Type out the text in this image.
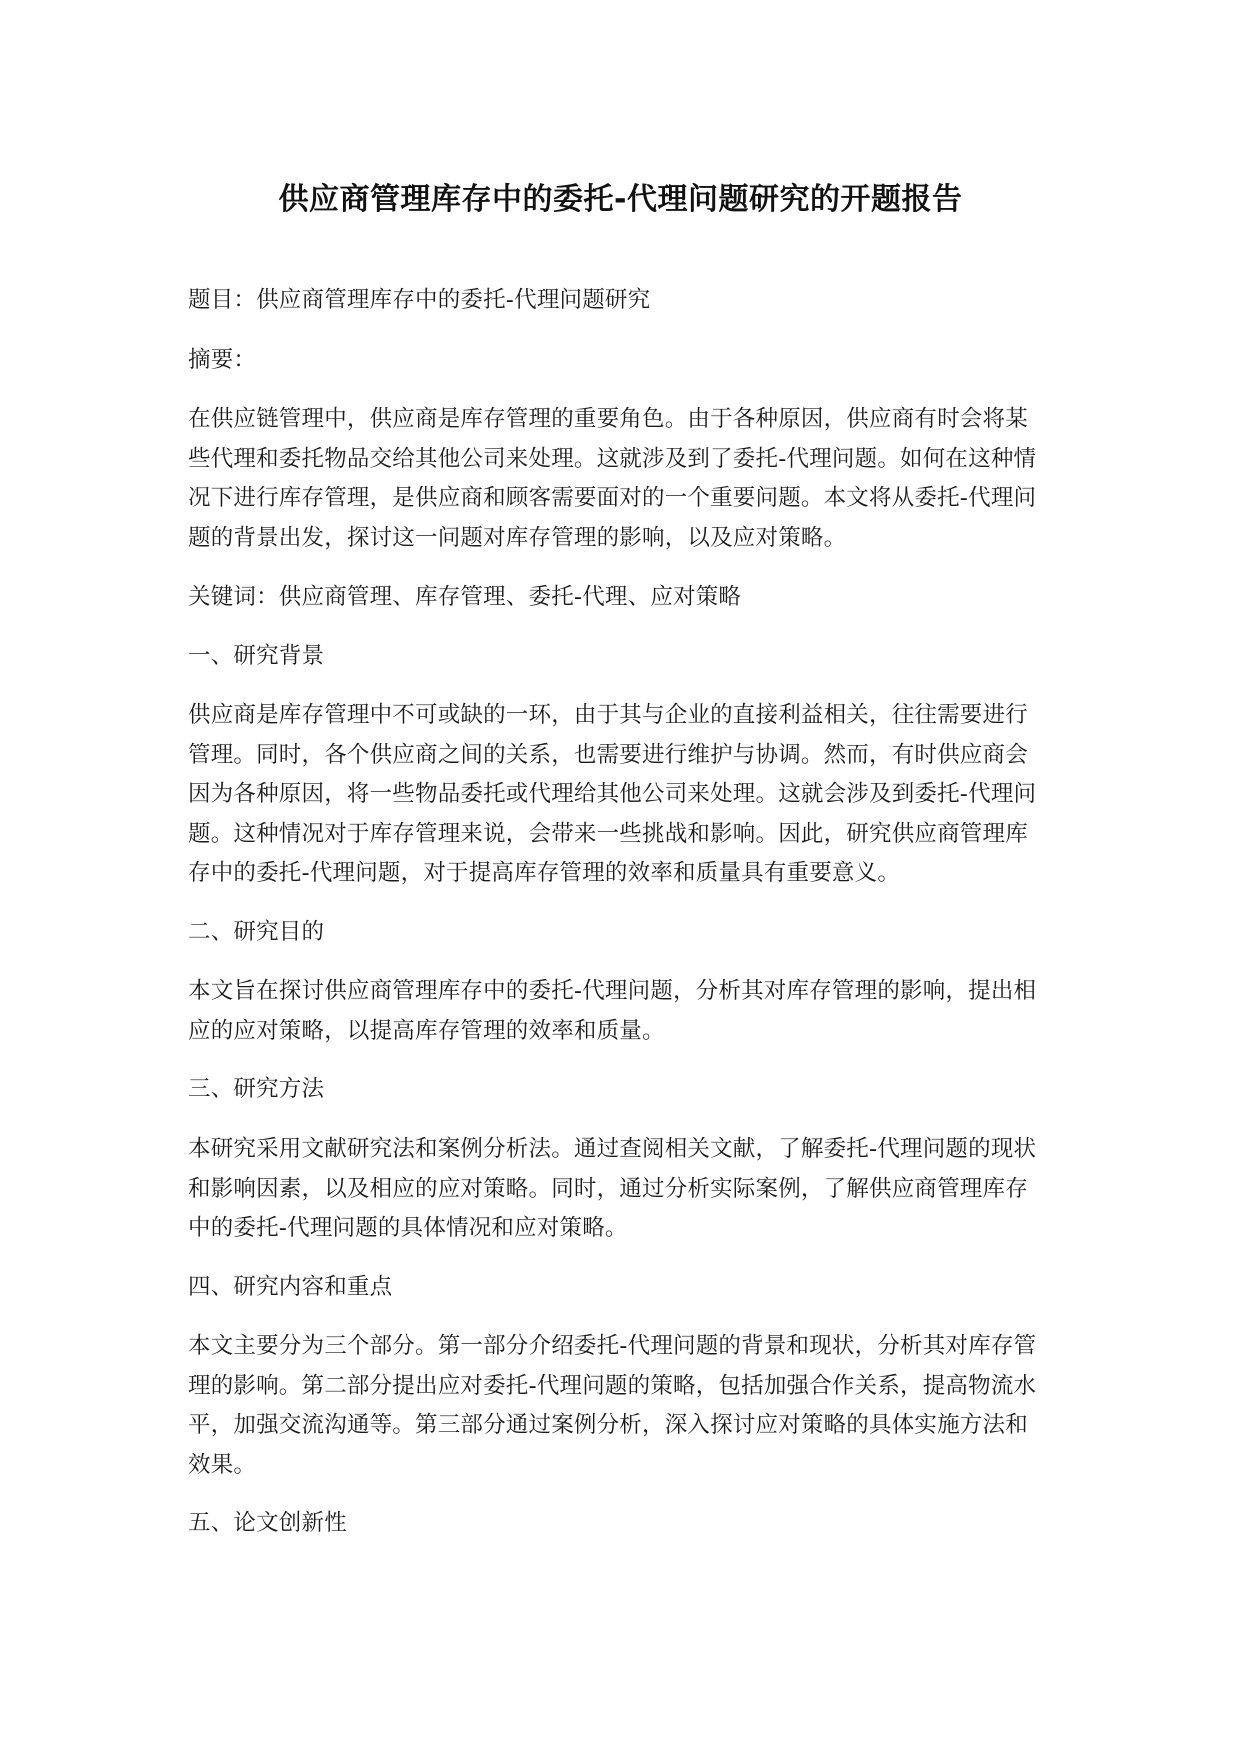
供应商管理库存中的委托-代理问题研究的开题报告

题目：供应商管理库存中的委托-代理问题研究

摘要：

在供应链管理中，供应商是库存管理的重要角色。由于各种原因，供应商有时会将某
些代理和委托物品交给其他公司来处理。这就涉及到了委托-代理问题。如何在这种情
况下进行库存管理，是供应商和顾客需要面对的一个重要问题。本文将从委托-代理问
题的背景出发，探讨这一问题对库存管理的影响，以及应对策略。

关键词：供应商管理、库存管理、委托-代理、应对策略

一、研究背景

供应商是库存管理中不可或缺的一环，由于其与企业的直接利益相关，往往需要进行
管理。同时，各个供应商之间的关系，也需要进行维护与协调。然而，有时供应商会
因为各种原因，将一些物品委托或代理给其他公司来处理。这就会涉及到委托-代理问
题。这种情况对于库存管理来说，会带来一些挑战和影响。因此，研究供应商管理库
存中的委托-代理问题，对于提高库存管理的效率和质量具有重要意义。

二、研究目的

本文旨在探讨供应商管理库存中的委托-代理问题，分析其对库存管理的影响，提出相
应的应对策略，以提高库存管理的效率和质量。

三、研究方法

本研究采用文献研究法和案例分析法。通过查阅相关文献，了解委托-代理问题的现状
和影响因素，以及相应的应对策略。同时，通过分析实际案例，了解供应商管理库存
中的委托-代理问题的具体情况和应对策略。

四、研究内容和重点

本文主要分为三个部分。第一部分介绍委托-代理问题的背景和现状，分析其对库存管
理的影响。第二部分提出应对委托-代理问题的策略，包括加强合作关系，提高物流水
平，加强交流沟通等。第三部分通过案例分析，深入探讨应对策略的具体实施方法和
效果。

五、论文创新性
